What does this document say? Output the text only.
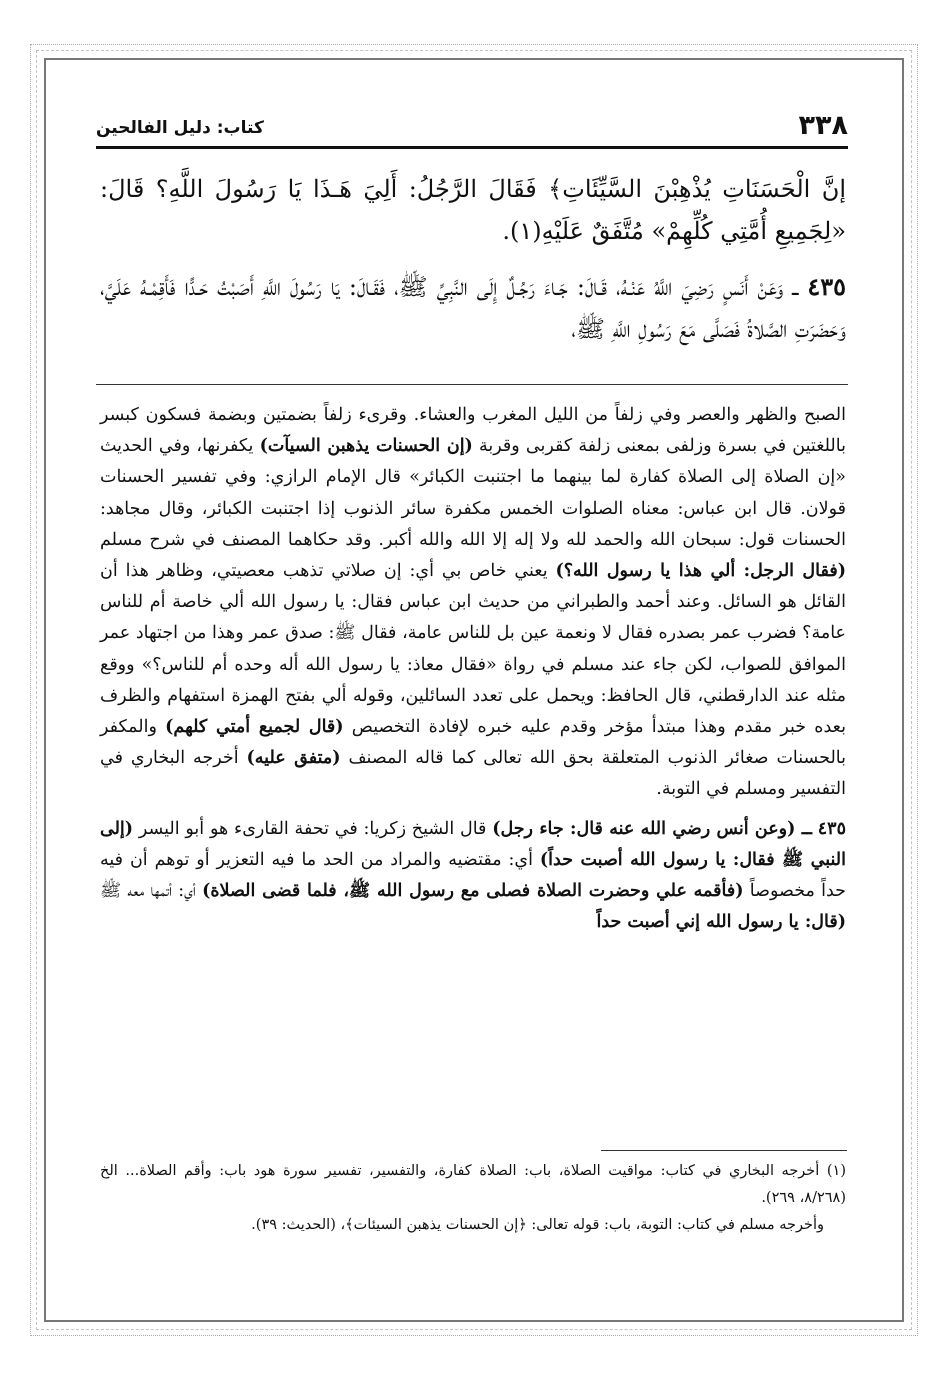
٣٣٨
كتاب: دليل الفالحين

إنَّ الْحَسَنَاتِ يُذْهِبْنَ السَّيِّئَاتِ﴾ فَقَالَ الرَّجُلُ: أَلِيَ هَـذَا يَا رَسُولَ اللَّهِ؟ قَالَ: «لِجَمِيعِ أُمَّتِي كُلِّهِمْ» مُتَّفَقٌ عَلَيْهِ(١).

٤٣٥ ــ وَعَنْ أَنَسٍ رَضِيَ اللَّهُ عَنْـهُ، قَـالَ: جَـاءَ رَجُـلٌ إِلَى النَّبِيِّ ﷺ، فَقَـالَ: يَا رَسُولَ اللَّهِ أَصَبْتُ حَـدًّا فَأَقِمْـهُ عَلَيَّ، وَحَضَرَتِ الصَّلاةُ فَصَلَّى مَعَ رَسُولِ اللَّهِ ﷺ،

الصبح والظهر والعصر وفي زلفاً من الليل المغرب والعشاء. وقرىء زلفاً بضمتين وبضمة فسكون كبسر باللغتين في بسرة وزلفى بمعنى زلفة كقربى وقربة (إن الحسنات يذهبن السيآت) يكفرنها، وفي الحديث «إن الصلاة إلى الصلاة كفارة لما بينهما ما اجتنبت الكبائر» قال الإمام الرازي: وفي تفسير الحسنات قولان. قال ابن عباس: معناه الصلوات الخمس مكفرة سائر الذنوب إذا اجتنبت الكبائر، وقال مجاهد: الحسنات قول: سبحان الله والحمد لله ولا إله إلا الله والله أكبر. وقد حكاهما المصنف في شرح مسلم (فقال الرجل: ألي هذا يا رسول الله؟) يعني خاص بي أي: إن صلاتي تذهب معصيتي، وظاهر هذا أن القائل هو السائل. وعند أحمد والطبراني من حديث ابن عباس فقال: يا رسول الله ألي خاصة أم للناس عامة؟ فضرب عمر بصدره فقال لا ونعمة عين بل للناس عامة، فقال ﷺ: صدق عمر وهذا من اجتهاد عمر الموافق للصواب، لكن جاء عند مسلم في رواة «فقال معاذ: يا رسول الله أله وحده أم للناس؟» ووقع مثله عند الدارقطني، قال الحافظ: ويحمل على تعدد السائلين، وقوله ألي بفتح الهمزة استفهام والظرف بعده خبر مقدم وهذا مبتدأ مؤخر وقدم عليه خبره لإفادة التخصيص (قال لجميع أمتي كلهم) والمكفر بالحسنات صغائر الذنوب المتعلقة بحق الله تعالى كما قاله المصنف (متفق عليه) أخرجه البخاري في التفسير ومسلم في التوبة.

٤٣٥ ــ (وعن أنس رضي الله عنه قال: جاء رجل) قال الشيخ زكريا: في تحفة القارىء هو أبو اليسر (إلى النبي ﷺ فقال: يا رسول الله أصبت حداً) أي: مقتضيه والمراد من الحد ما فيه التعزير أو توهم أن فيه حداً مخصوصاً (فأقمه علي وحضرت الصلاة فصلى مع رسول الله ﷺ، فلما قضى الصلاة) أي: أتمها معه ﷺ (قال: يا رسول الله إني أصبت حداً

(١) أخرجه البخاري في كتاب: مواقيت الصلاة، باب: الصلاة كفارة، والتفسير، تفسير سورة هود باب: وأقم الصلاة... الخ (٨/٢٦٨، ٢٦٩).

وأخرجه مسلم في كتاب: التوبة، باب: قوله تعالى: ﴿إن الحسنات يذهبن السيئات﴾، (الحديث: ٣٩).
